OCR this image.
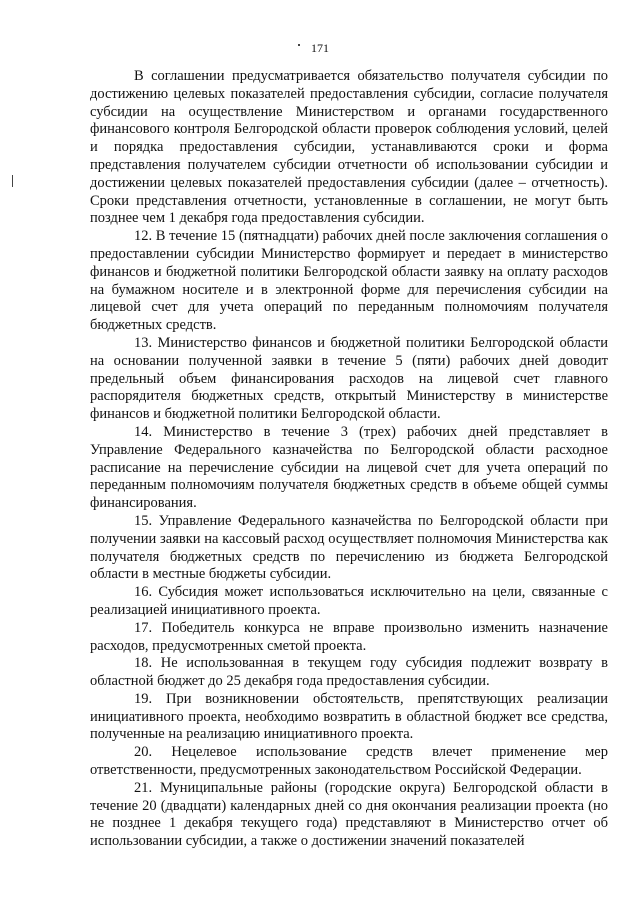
171

В соглашении предусматривается обязательство получателя субсидии по достижению целевых показателей предоставления субсидии, согласие получателя субсидии на осуществление Министерством и органами государственного финансового контроля Белгородской области проверок соблюдения условий, целей и порядка предоставления субсидии, устанавливаются сроки и форма представления получателем субсидии отчетности об использовании субсидии и достижении целевых показателей предоставления субсидии (далее – отчетность). Сроки представления отчетности, установленные в соглашении, не могут быть позднее чем 1 декабря года предоставления субсидии.

12. В течение 15 (пятнадцати) рабочих дней после заключения соглашения о предоставлении субсидии Министерство формирует и передает в министерство финансов и бюджетной политики Белгородской области заявку на оплату расходов на бумажном носителе и в электронной форме для перечисления субсидии на лицевой счет для учета операций по переданным полномочиям получателя бюджетных средств.

13. Министерство финансов и бюджетной политики Белгородской области на основании полученной заявки в течение 5 (пяти) рабочих дней доводит предельный объем финансирования расходов на лицевой счет главного распорядителя бюджетных средств, открытый Министерству в министерстве финансов и бюджетной политики Белгородской области.

14. Министерство в течение 3 (трех) рабочих дней представляет в Управление Федерального казначейства по Белгородской области расходное расписание на перечисление субсидии на лицевой счет для учета операций по переданным полномочиям получателя бюджетных средств в объеме общей суммы финансирования.

15. Управление Федерального казначейства по Белгородской области при получении заявки на кассовый расход осуществляет полномочия Министерства как получателя бюджетных средств по перечислению из бюджета Белгородской области в местные бюджеты субсидии.

16. Субсидия может использоваться исключительно на цели, связанные с реализацией инициативного проекта.

17. Победитель конкурса не вправе произвольно изменить назначение расходов, предусмотренных сметой проекта.

18. Не использованная в текущем году субсидия подлежит возврату в областной бюджет до 25 декабря года предоставления субсидии.

19. При возникновении обстоятельств, препятствующих реализации инициативного проекта, необходимо возвратить в областной бюджет все средства, полученные на реализацию инициативного проекта.

20. Нецелевое использование средств влечет применение мер ответственности, предусмотренных законодательством Российской Федерации.

21. Муниципальные районы (городские округа) Белгородской области в течение 20 (двадцати) календарных дней со дня окончания реализации проекта (но не позднее 1 декабря текущего года) представляют в Министерство отчет об использовании субсидии, а также о достижении значений показателей
